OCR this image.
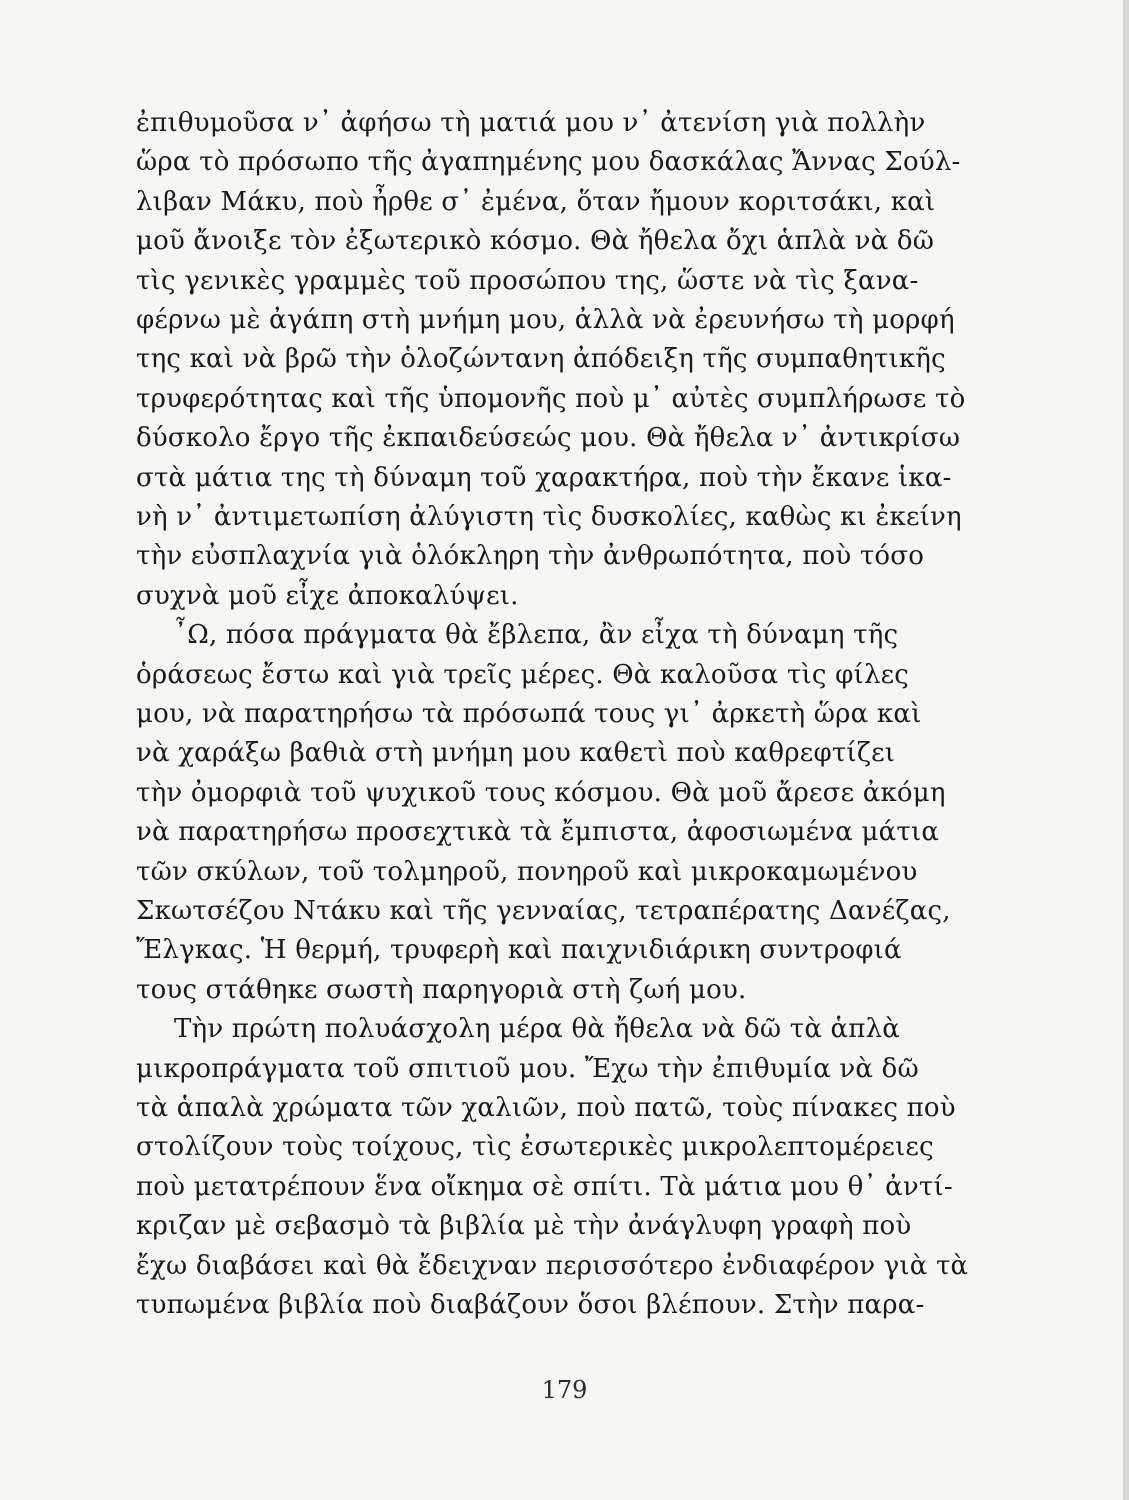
ἐπιθυμοῦσα ν᾿ ἀφήσω τὴ ματιά μου ν᾿ ἀτενίση γιὰ πολλὴν
ὥρα τὸ πρόσωπο τῆς ἀγαπημένης μου δασκάλας Ἄννας Σούλ-
λιβαν Μάκυ, ποὺ ἦρθε σ᾿ ἐμένα, ὅταν ἤμουν κοριτσάκι, καὶ
μοῦ ἄνοιξε τὸν ἐξωτερικὸ κόσμο. Θὰ ἤθελα ὄχι ἁπλὰ νὰ δῶ
τὶς γενικὲς γραμμὲς τοῦ προσώπου της, ὥστε νὰ τὶς ξανα-
φέρνω μὲ ἀγάπη στὴ μνήμη μου, ἀλλὰ νὰ ἐρευνήσω τὴ μορφή
της καὶ νὰ βρῶ τὴν ὁλοζώντανη ἀπόδειξη τῆς συμπαθητικῆς
τρυφερότητας καὶ τῆς ὑπομονῆς ποὺ μ᾿ αὐτὲς συμπλήρωσε τὸ
δύσκολο ἔργο τῆς ἐκπαιδεύσεώς μου. Θὰ ἤθελα ν᾿ ἀντικρίσω
στὰ μάτια της τὴ δύναμη τοῦ χαρακτήρα, ποὺ τὴν ἔκανε ἱκα-
νὴ ν᾿ ἀντιμετωπίση ἀλύγιστη τὶς δυσκολίες, καθὼς κι ἐκείνη
τὴν εὐσπλαχνία γιὰ ὁλόκληρη τὴν ἀνθρωπότητα, ποὺ τόσο
συχνὰ μοῦ εἶχε ἀποκαλύψει.
῏Ω, πόσα πράγματα θὰ ἔβλεπα, ἂν εἶχα τὴ δύναμη τῆς
ὁράσεως ἔστω καὶ γιὰ τρεῖς μέρες. Θὰ καλοῦσα τὶς φίλες
μου, νὰ παρατηρήσω τὰ πρόσωπά τους γι᾿ ἀρκετὴ ὥρα καὶ
νὰ χαράξω βαθιὰ στὴ μνήμη μου καθετὶ ποὺ καθρεφτίζει
τὴν ὀμορφιὰ τοῦ ψυχικοῦ τους κόσμου. Θὰ μοῦ ἄρεσε ἀκόμη
νὰ παρατηρήσω προσεχτικὰ τὰ ἔμπιστα, ἀφοσιωμένα μάτια
τῶν σκύλων, τοῦ τολμηροῦ, πονηροῦ καὶ μικροκαμωμένου
Σκωτσέζου Ντάκυ καὶ τῆς γενναίας, τετραπέρατης Δανέζας,
Ἔλγκας. Ἡ θερμή, τρυφερὴ καὶ παιχνιδιάρικη συντροφιά
τους στάθηκε σωστὴ παρηγοριὰ στὴ ζωή μου.
Τὴν πρώτη πολυάσχολη μέρα θὰ ἤθελα νὰ δῶ τὰ ἁπλὰ
μικροπράγματα τοῦ σπιτιοῦ μου. Ἔχω τὴν ἐπιθυμία νὰ δῶ
τὰ ἁπαλὰ χρώματα τῶν χαλιῶν, ποὺ πατῶ, τοὺς πίνακες ποὺ
στολίζουν τοὺς τοίχους, τὶς ἐσωτερικὲς μικρολεπτομέρειες
ποὺ μετατρέπουν ἕνα οἴκημα σὲ σπίτι. Τὰ μάτια μου θ᾿ ἀντί-
κριζαν μὲ σεβασμὸ τὰ βιβλία μὲ τὴν ἀνάγλυφη γραφὴ ποὺ
ἔχω διαβάσει καὶ θὰ ἔδειχναν περισσότερο ἐνδιαφέρον γιὰ τὰ
τυπωμένα βιβλία ποὺ διαβάζουν ὅσοι βλέπουν. Στὴν παρα-
179
